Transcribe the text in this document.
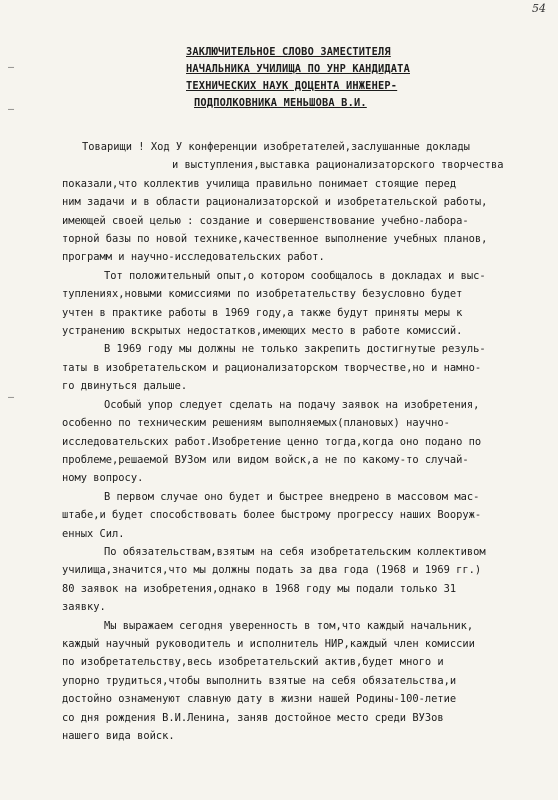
54
–
–
–
ЗАКЛЮЧИТЕЛЬНОЕ СЛОВО ЗАМЕСТИТЕЛЯ
НАЧАЛЬНИКА УЧИЛИЩА ПО УНР КАНДИДАТА
ТЕХНИЧЕСКИХ НАУК ДОЦЕНТА ИНЖЕНЕР-
ПОДПОЛКОВНИКА МЕНЬШОВА В.И.
Товарищи ! Ход У конференции изобретателей,заслушанные доклады
и выступления,выставка рационализаторского творчества
показали,что коллектив училища правильно понимает стоящие перед
ним задачи и в области рационализаторской и изобретательской работы,
имеющей своей целью : создание и совершенствование учебно-лабора-
торной базы по новой технике,качественное выполнение учебных планов,
программ и научно-исследовательских работ.
Тот положительный опыт,о котором сообщалось в докладах и выс-
туплениях,новыми комиссиями по изобретательству безусловно будет
учтен в практике работы в 1969 году,а также будут приняты меры к
устранению вскрытых недостатков,имеющих место в работе комиссий.
В 1969 году мы должны не только закрепить достигнутые резуль-
таты в изобретательском и рационализаторском творчестве,но и намно-
го двинуться дальше.
Особый упор следует сделать на подачу заявок на изобретения,
особенно по техническим решениям выполняемых(плановых) научно-
исследовательских работ.Изобретение ценно тогда,когда оно подано по
проблеме,решаемой ВУЗом или видом войск,а не по какому-то случай-
ному вопросу.
В первом случае оно будет и быстрее внедрено в массовом мас-
штабе,и будет способствовать более быстрому прогрессу наших Вооруж-
енных Сил.
По обязательствам,взятым на себя изобретательским коллективом
училища,значится,что мы должны подать за два года (1968 и 1969 гг.)
80 заявок на изобретения,однако в 1968 году мы подали только 31
заявку.
Мы выражаем сегодня уверенность в том,что каждый начальник,
каждый научный руководитель и исполнитель НИР,каждый член комиссии
по изобретательству,весь изобретательский актив,будет много и
упорно трудиться,чтобы выполнить взятые на себя обязательства,и
достойно ознаменуют славную дату в жизни нашей Родины-100-летие
со дня рождения В.И.Ленина, заняв достойное место среди ВУЗов
нашего вида войск.
